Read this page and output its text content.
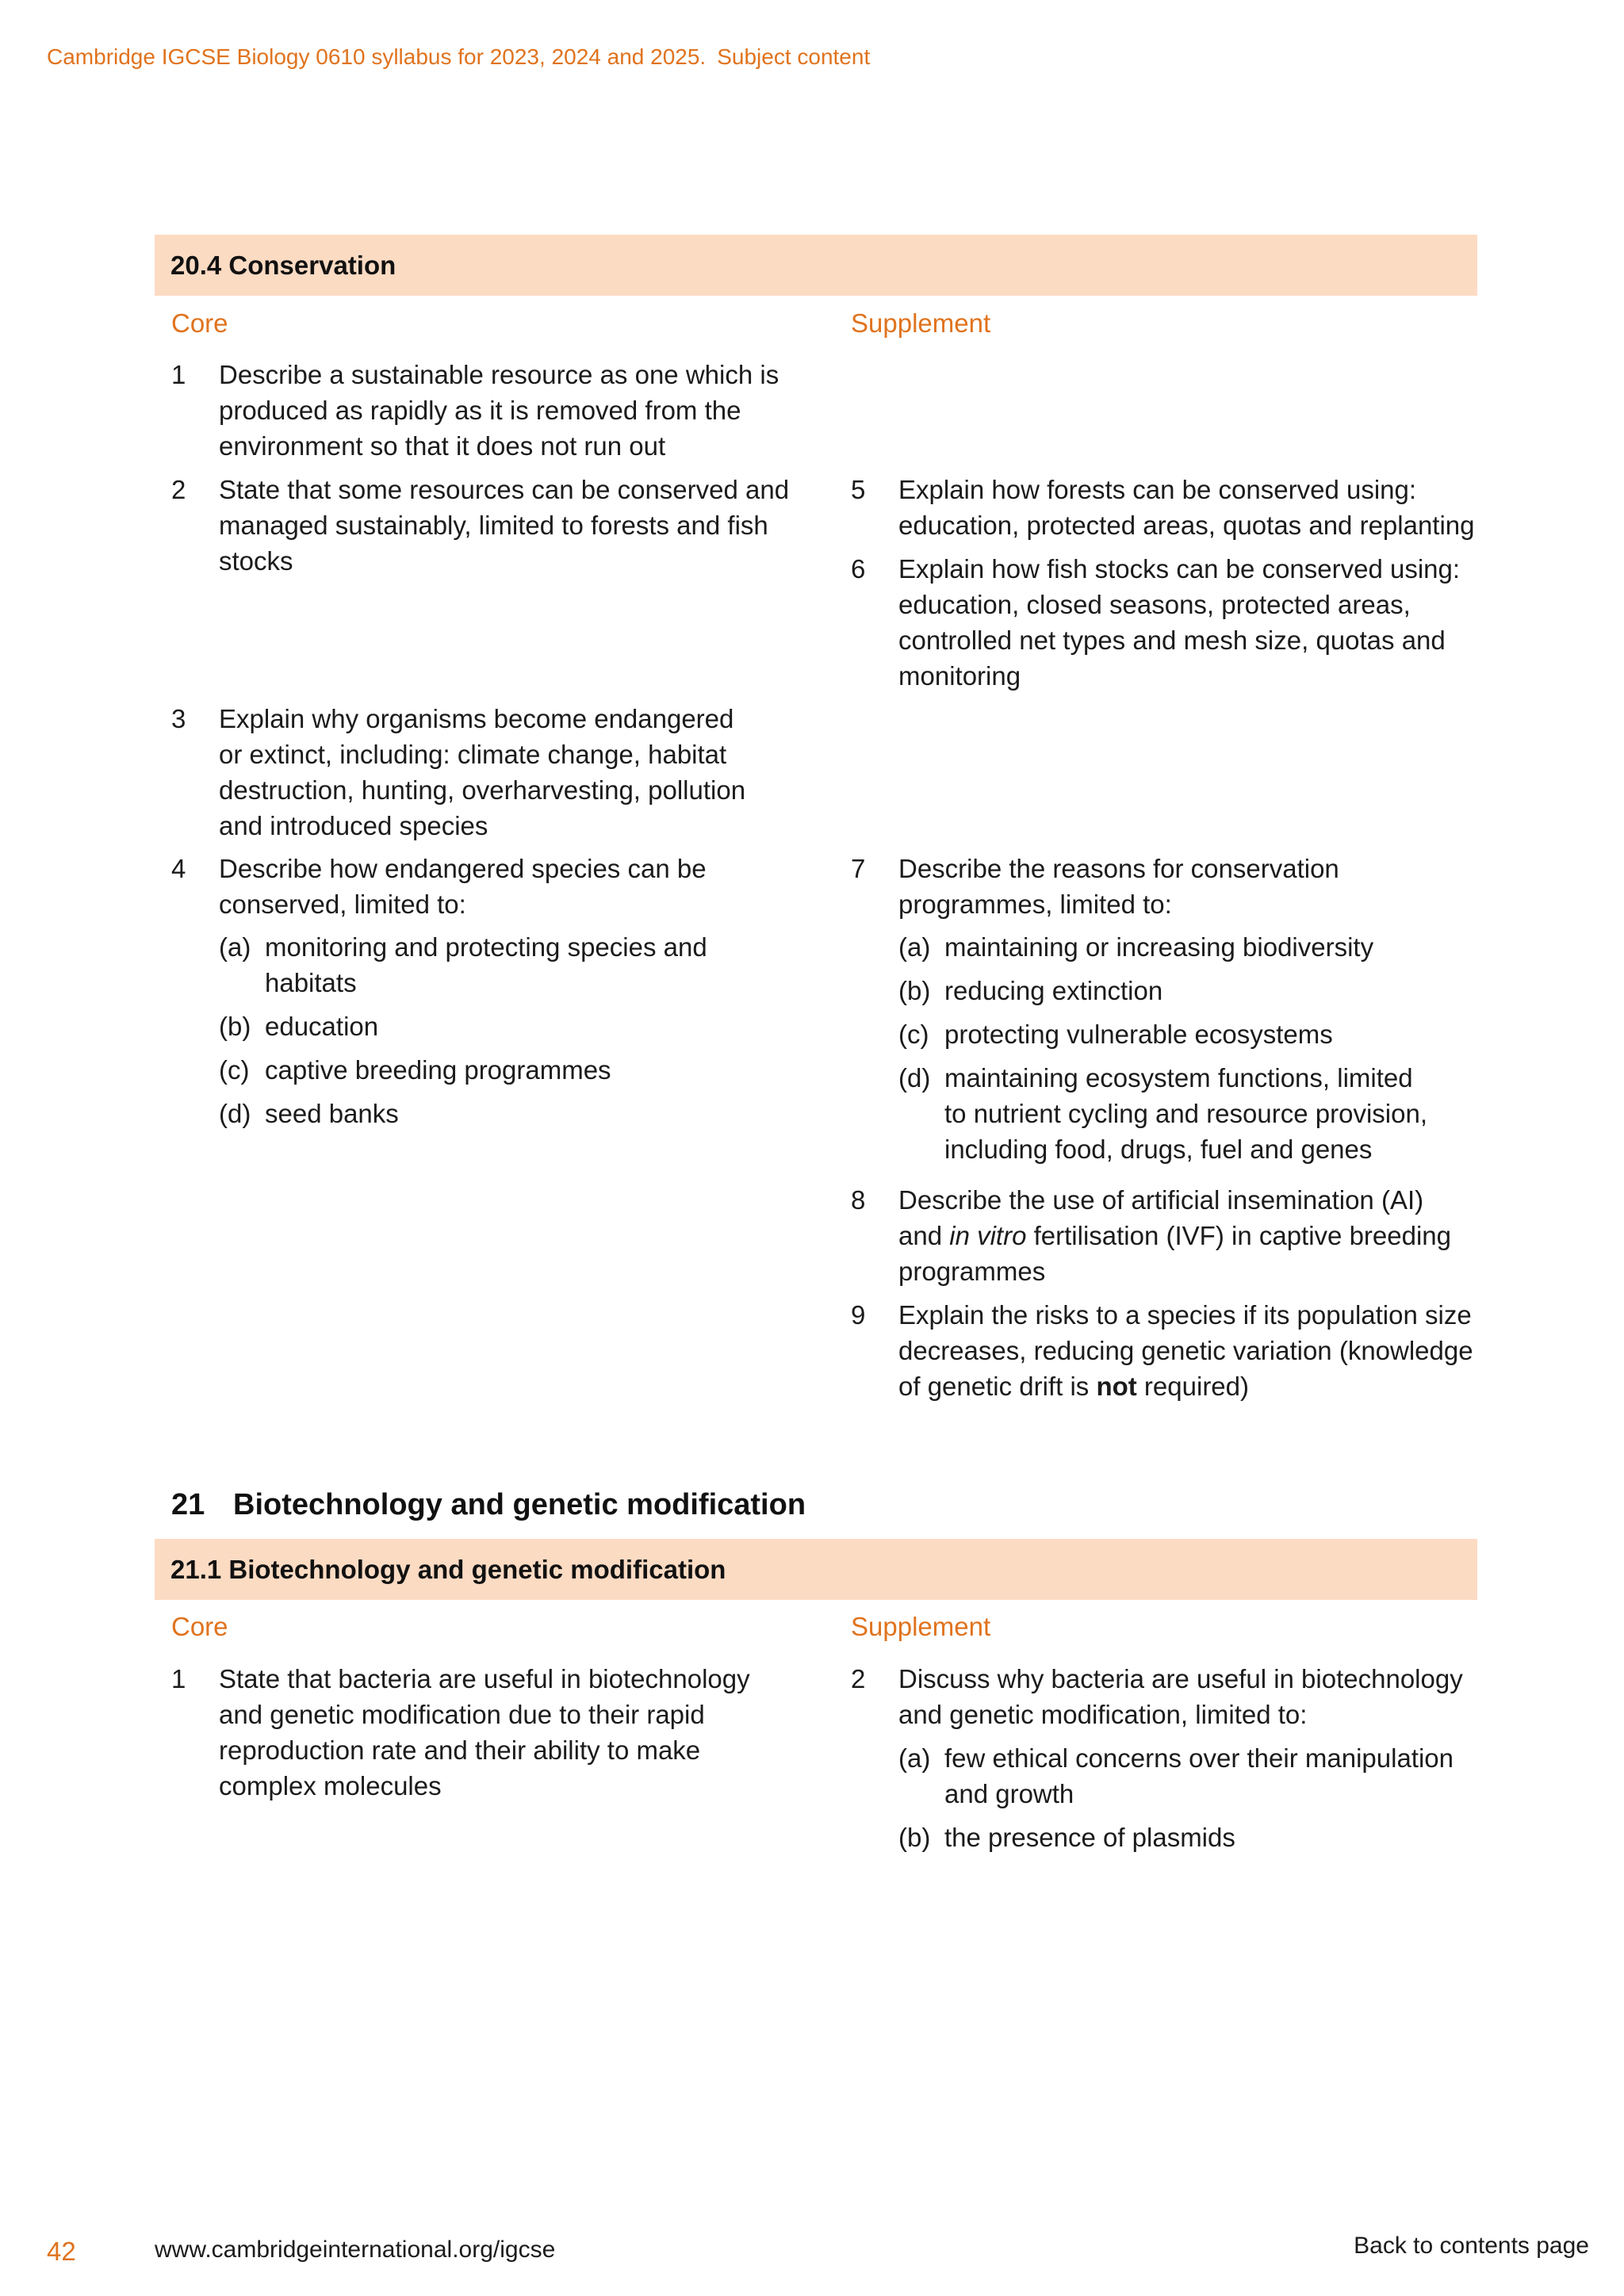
Cambridge IGCSE Biology 0610 syllabus for 2023, 2024 and 2025. Subject content
20.4 Conservation
Core	Supplement
1 Describe a sustainable resource as one which is
produced as rapidly as it is removed from the
environment so that it does not run out
2 State that some resources can be conserved and
managed sustainably, limited to forests and fish
stocks
3 Explain why organisms become endangered
or extinct, including: climate change, habitat
destruction, hunting, overharvesting, pollution
and introduced species
4 Describe how endangered species can be
conserved, limited to:
(a) monitoring and protecting species and
habitats
(b) education
(c) captive breeding programmes
(d) seed banks
5 Explain how forests can be conserved using:
education, protected areas, quotas and replanting
6 Explain how fish stocks can be conserved using:
education, closed seasons, protected areas,
controlled net types and mesh size, quotas and
monitoring
7 Describe the reasons for conservation
programmes, limited to:
(a) maintaining or increasing biodiversity
(b) reducing extinction
(c) protecting vulnerable ecosystems
(d) maintaining ecosystem functions, limited
to nutrient cycling and resource provision,
including food, drugs, fuel and genes
8 Describe the use of artificial insemination (AI)
and in vitro fertilisation (IVF) in captive breeding
programmes
9 Explain the risks to a species if its population size
decreases, reducing genetic variation (knowledge
of genetic drift is not required)
21 Biotechnology and genetic modification
21.1 Biotechnology and genetic modification
Core	Supplement
1 State that bacteria are useful in biotechnology
and genetic modification due to their rapid
reproduction rate and their ability to make
complex molecules
2 Discuss why bacteria are useful in biotechnology
and genetic modification, limited to:
(a) few ethical concerns over their manipulation
and growth
(b) the presence of plasmids
42	www.cambridgeinternational.org/igcse	Back to contents page
